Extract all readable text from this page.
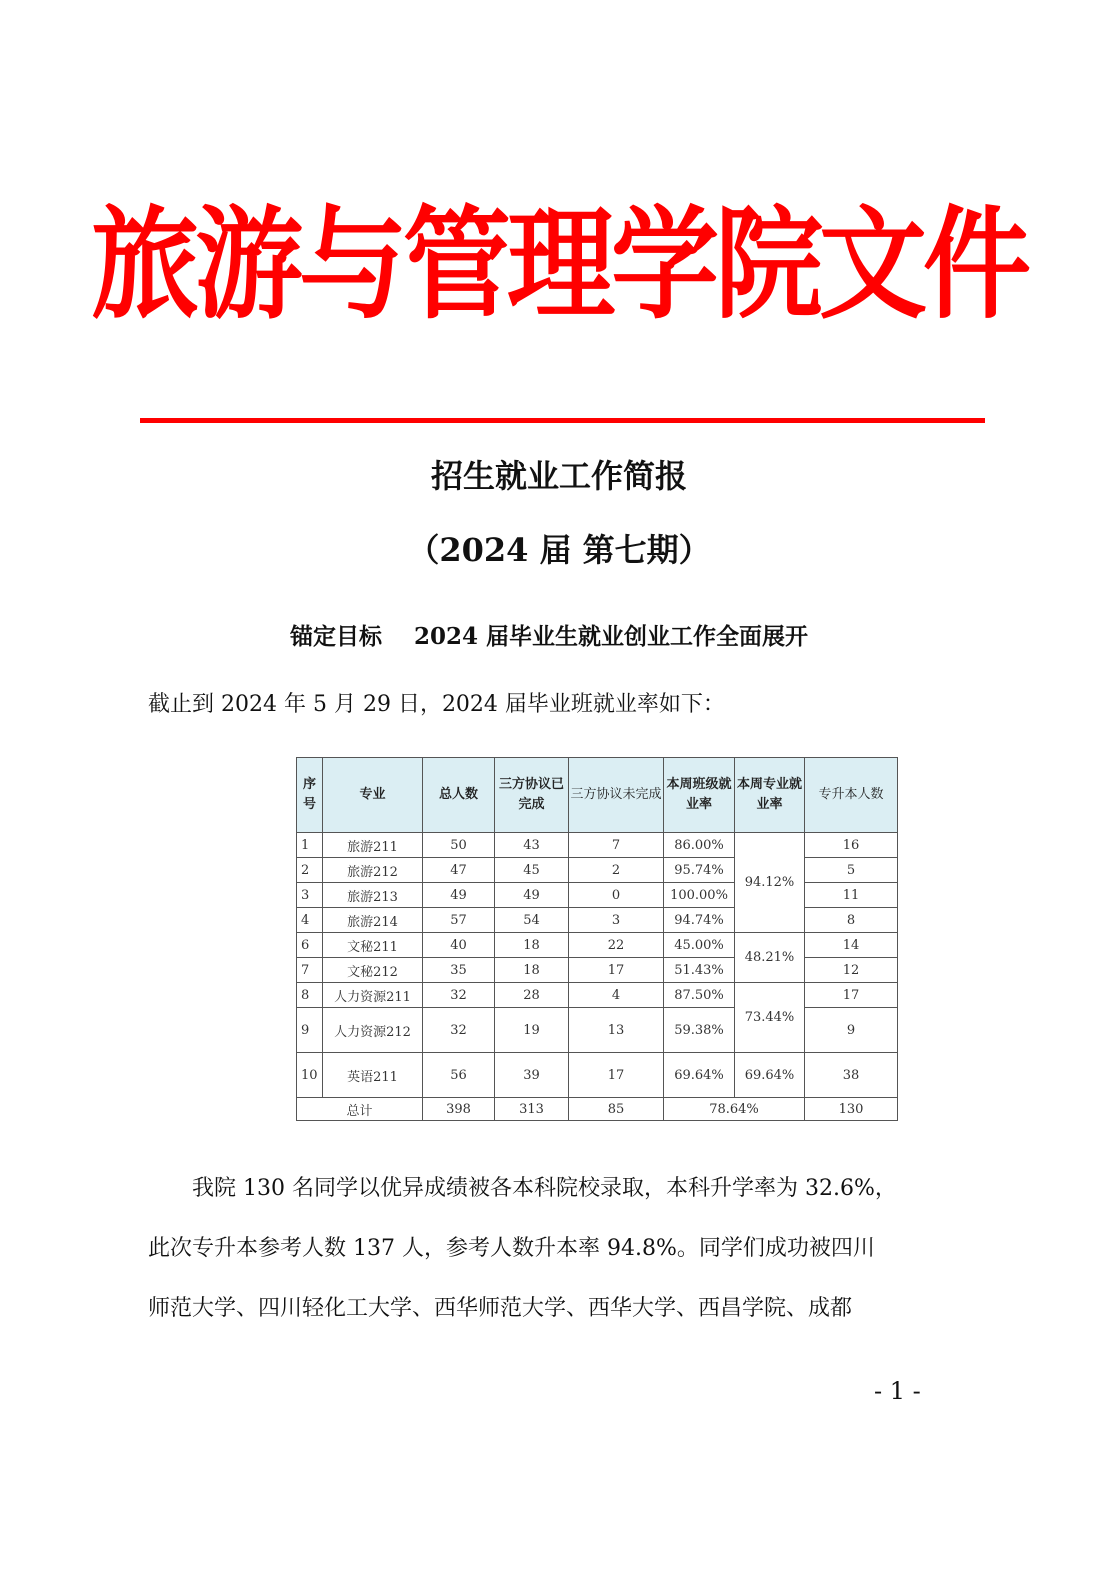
旅游与管理学院文件
招生就业工作简报
（2024 届 第七期）
锚定目标 2024 届毕业生就业创业工作全面展开
截止到 2024 年 5 月 29 日，2024 届毕业班就业率如下：
序号	专业	总人数	三方协议已完成	三方协议未完成	本周班级就业率	本周专业就业率	专升本人数
1	旅游211	50	43	7	86.00%	94.12%	16
2	旅游212	47	45	2	95.74%		5
3	旅游213	49	49	0	100.00%		11
4	旅游214	57	54	3	94.74%		8
6	文秘211	40	18	22	45.00%	48.21%	14
7	文秘212	35	18	17	51.43%		12
8	人力资源211	32	28	4	87.50%	73.44%	17
9	人力资源212	32	19	13	59.38%		9
10	英语211	56	39	17	69.64%	69.64%	38
总计		398	313	85	78.64%		130
我院 130 名同学以优异成绩被各本科院校录取，本科升学率为 32.6%，
此次专升本参考人数 137 人，参考人数升本率 94.8%。同学们成功被四川
师范大学、四川轻化工大学、西华师范大学、西华大学、西昌学院、成都
- 1 -
